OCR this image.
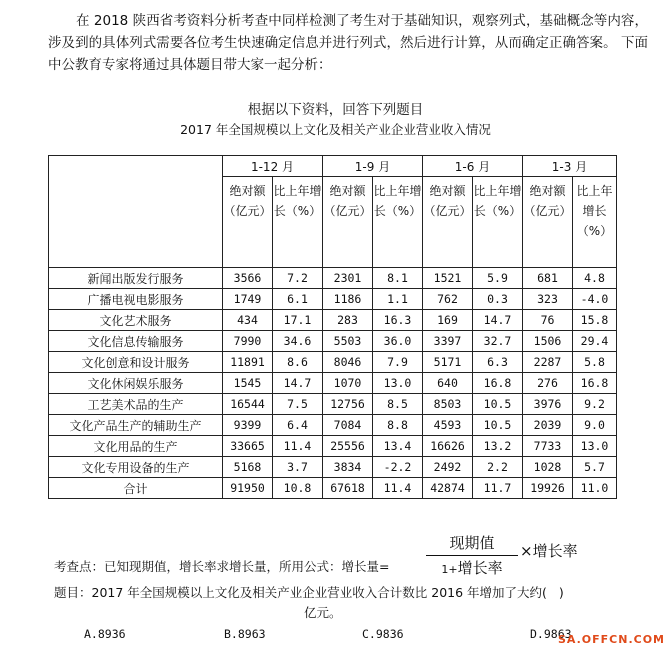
在 2018 陕西省考资料分析考查中同样检测了考生对于基础知识，观察列式，基础概念等内容，涉及到的具体列式需要各位考生快速确定信息并进行列式，然后进行计算，从而确定正确答案。 下面中公教育专家将通过具体题目带大家一起分析：
根据以下资料，回答下列题目
2017 年全国规模以上文化及相关产业企业营业收入情况
	1-12 月		1-9 月		1-6 月		1-3 月	
	绝对额（亿元）	比上年增长（%）	绝对额（亿元）	比上年增长（%）	绝对额（亿元）	比上年增长（%）	绝对额（亿元）	比上年增长（%）
新闻出版发行服务	3566	7.2	2301	8.1	1521	5.9	681	4.8
广播电视电影服务	1749	6.1	1186	1.1	762	0.3	323	-4.0
文化艺术服务	434	17.1	283	16.3	169	14.7	76	15.8
文化信息传输服务	7990	34.6	5503	36.0	3397	32.7	1506	29.4
文化创意和设计服务	11891	8.6	8046	7.9	5171	6.3	2287	5.8
文化休闲娱乐服务	1545	14.7	1070	13.0	640	16.8	276	16.8
工艺美术品的生产	16544	7.5	12756	8.5	8503	10.5	3976	9.2
文化产品生产的辅助生产	9399	6.4	7084	8.8	4593	10.5	2039	9.0
文化用品的生产	33665	11.4	25556	13.4	16626	13.2	7733	13.0
文化专用设备的生产	5168	3.7	3834	-2.2	2492	2.2	1028	5.7
合计	91950	10.8	67618	11.4	42874	11.7	19926	11.0
考查点：已知现期值，增长率求增长量，所用公式：增长量=
现期值
1+增长率
×增长率
题目：2017 年全国规模以上文化及相关产业企业营业收入合计数比 2016 年增加了大约(   )
亿元。
A.8936	B.8963	C.9836	D.9863
SA.OFFCN.COM
